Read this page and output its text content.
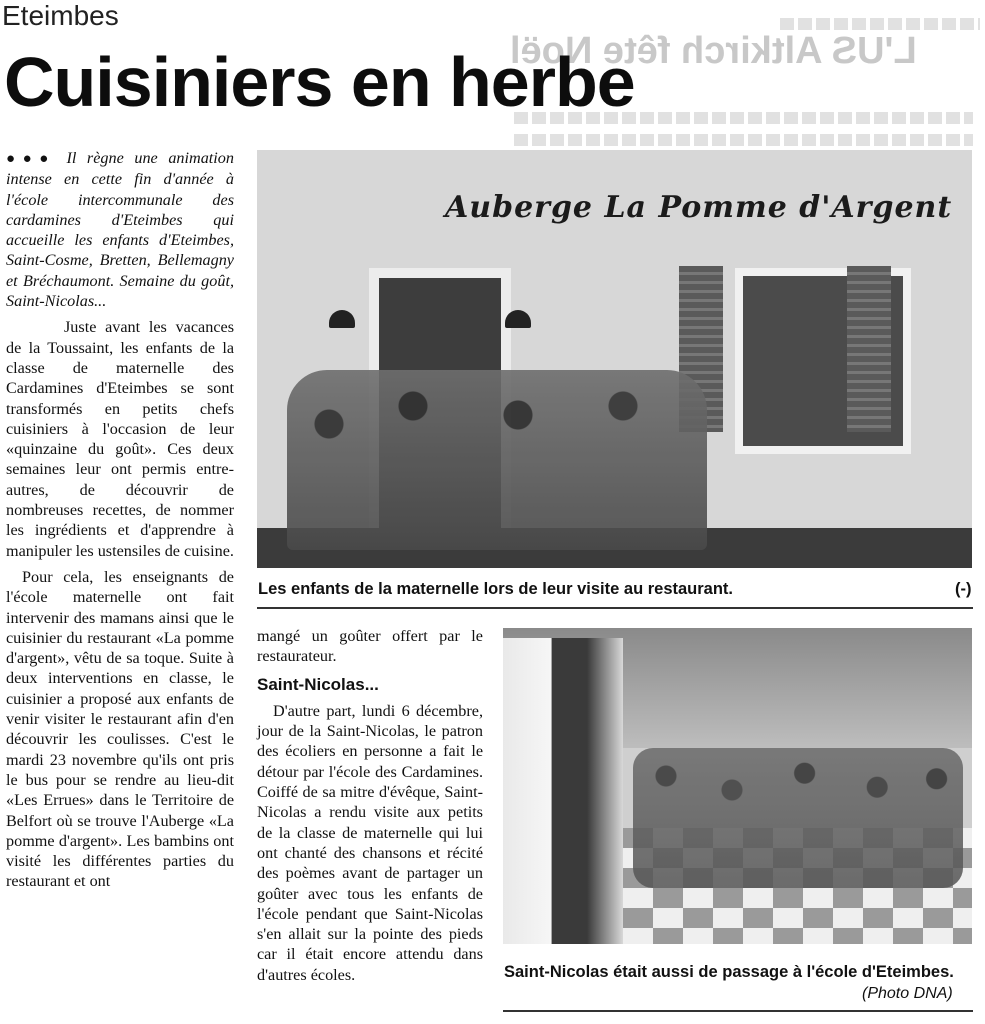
L'US Altkirch fête Noël
Eteimbes
Cuisiniers en herbe

●●● Il règne une animation intense en cette fin d'année à l'école intercommunale des cardamines d'Eteimbes qui accueille les enfants d'Eteimbes, Saint-Cosme, Bretten, Bellemagny et Bréchaumont. Semaine du goût, Saint-Nicolas...

Juste avant les vacances de la Toussaint, les enfants de la classe de maternelle des Cardamines d'Eteimbes se sont transformés en petits chefs cuisiniers à l'occasion de leur «quinzaine du goût». Ces deux semaines leur ont permis entre-autres, de découvrir de nombreuses recettes, de nommer les ingrédients et d'apprendre à manipuler les ustensiles de cuisine.

Pour cela, les enseignants de l'école maternelle ont fait intervenir des mamans ainsi que le cuisinier du restaurant «La pomme d'argent», vêtu de sa toque. Suite à deux interventions en classe, le cuisinier a proposé aux enfants de venir visiter le restaurant afin d'en découvrir les coulisses. C'est le mardi 23 novembre qu'ils ont pris le bus pour se rendre au lieu-dit «Les Errues» dans le Territoire de Belfort où se trouve l'Auberge «La pomme d'argent». Les bambins ont visité les différentes parties du restaurant et ont

Auberge La Pomme d'Argent
Les enfants de la maternelle lors de leur visite au restaurant.	(-)

mangé un goûter offert par le restaurateur.

Saint-Nicolas...

D'autre part, lundi 6 décembre, jour de la Saint-Nicolas, le patron des écoliers en personne a fait le détour par l'école des Cardamines. Coiffé de sa mitre d'évêque, Saint-Nicolas a rendu visite aux petits de la classe de maternelle qui lui ont chanté des chansons et récité des poèmes avant de partager un goûter avec tous les enfants de l'école pendant que Saint-Nicolas s'en allait sur la pointe des pieds car il était encore attendu dans d'autres écoles.	Saint-Nicolas était aussi de passage à l'école d'Eteimbes.
(Photo DNA)
